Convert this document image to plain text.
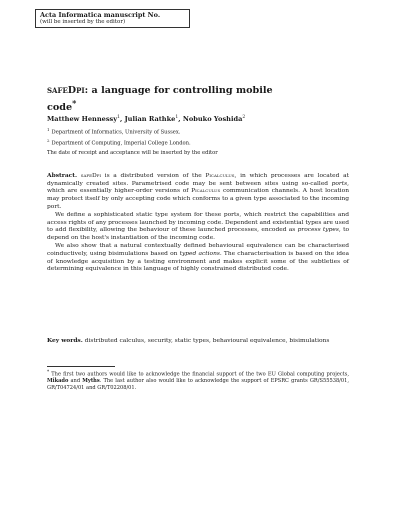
Acta Informatica manuscript No.
(will be inserted by the editor)
safeDpi: a language for controlling mobile code*
Matthew Hennessy$^1$, Julian Rathke$^1$, Nobuko Yoshida$^2$
$^1$Department of Informatics, University of Sussex.
$^2$Department of Computing, Imperial College London.
The date of receipt and acceptance will be inserted by the editor

Abstract. safeDpi is a distributed version of the Picalculus, in which processes are located at dynamically created sites. Parametrised code may be sent between sites using so-called ports, which are essentially higher-order versions of Picalculus communication channels. A host location may protect itself by only accepting code which conforms to a given type associated to the incoming port.

We define a sophisticated static type system for these ports, which restrict the capabilities and access rights of any processes launched by incoming code. Dependent and existential types are used to add flexibility, allowing the behaviour of these launched processes, encoded as process types, to depend on the host's instantiation of the incoming code.

We also show that a natural contextually defined behavioural equivalence can be characterised coinductively, using bisimulations based on typed actions. The characterisation is based on the idea of knowledge acquisition by a testing environment and makes explicit some of the subtleties of determining equivalence in this language of highly constrained distributed code.

Key words. distributed calculus, security, static types, behavioural equivalence, bisimulations
* The first two authors would like to acknowledge the financial support of the two EU Global computing projects, Mikado and Myths. The last author also would like to acknowledge the support of EPSRC grants GR/S55538/01, GR/T04724/01 and GR/T02208/01.
